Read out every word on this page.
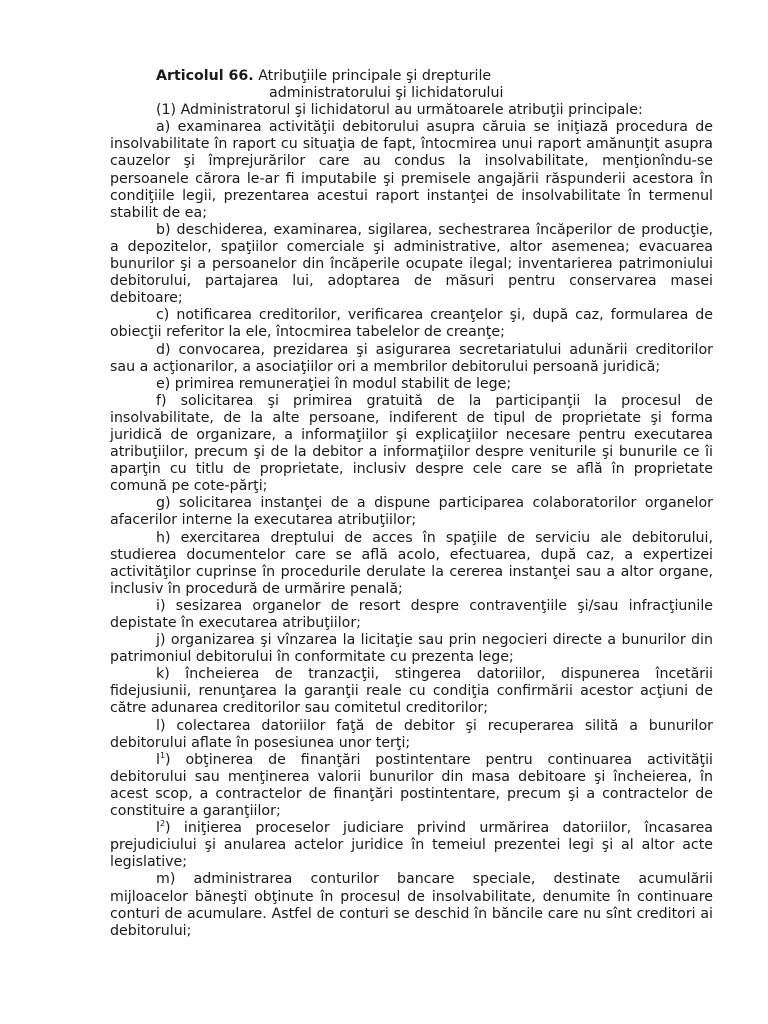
Articolul 66. Atribuţiile principale şi drepturile
administratorului şi lichidatorului

(1) Administratorul şi lichidatorul au următoarele atribuţii principale:

a) examinarea activităţii debitorului asupra căruia se iniţiază procedura de insolvabilitate în raport cu situaţia de fapt, întocmirea unui raport amănunţit asupra cauzelor şi împrejurărilor care au condus la insolvabilitate, menţionîndu-se persoanele cărora le-ar fi imputabile şi premisele angajării răspunderii acestora în condiţiile legii, prezentarea acestui raport instanţei de insolvabilitate în termenul stabilit de ea;

b) deschiderea, examinarea, sigilarea, sechestrarea încăperilor de producţie, a depozitelor, spaţiilor comerciale şi administrative, altor asemenea; evacuarea bunurilor şi a persoanelor din încăperile ocupate ilegal; inventarierea patrimoniului debitorului, partajarea lui, adoptarea de măsuri pentru conservarea masei debitoare;

c) notificarea creditorilor, verificarea creanţelor şi, după caz, formularea de obiecţii referitor la ele, întocmirea tabelelor de creanţe;

d) convocarea, prezidarea şi asigurarea secretariatului adunării creditorilor sau a acţionarilor, a asociaţiilor ori a membrilor debitorului persoană juridică;

e) primirea remuneraţiei în modul stabilit de lege;

f) solicitarea şi primirea gratuită de la participanţii la procesul de insolvabilitate, de la alte persoane, indiferent de tipul de proprietate şi forma juridică de organizare, a informaţiilor şi explicaţiilor necesare pentru executarea atribuţiilor, precum şi de la debitor a informaţiilor despre veniturile şi bunurile ce îi aparţin cu titlu de proprietate, inclusiv despre cele care se află în proprietate comună pe cote-părţi;

g) solicitarea instanţei de a dispune participarea colaboratorilor organelor afacerilor interne la executarea atribuţiilor;

h) exercitarea dreptului de acces în spaţiile de serviciu ale debitorului, studierea documentelor care se află acolo, efectuarea, după caz, a expertizei activităţilor cuprinse în procedurile derulate la cererea instanţei sau a altor organe, inclusiv în procedură de urmărire penală;

i) sesizarea organelor de resort despre contravenţiile şi/sau infracţiunile depistate în executarea atribuţiilor;

j) organizarea şi vînzarea la licitaţie sau prin negocieri directe a bunurilor din patrimoniul debitorului în conformitate cu prezenta lege;

k) încheierea de tranzacţii, stingerea datoriilor, dispunerea încetării fidejusiunii, renunţarea la garanţii reale cu condiţia confirmării acestor acţiuni de către adunarea creditorilor sau comitetul creditorilor;

l) colectarea datoriilor faţă de debitor şi recuperarea silită a bunurilor debitorului aflate în posesiunea unor terţi;

$l^1$) obţinerea de finanţări postintentare pentru continuarea activităţii debitorului sau menţinerea valorii bunurilor din masa debitoare şi încheierea, în acest scop, a contractelor de finanţări postintentare, precum şi a contractelor de constituire a garanţiilor;

$l^2$) iniţierea proceselor judiciare privind urmărirea datoriilor, încasarea prejudiciului şi anularea actelor juridice în temeiul prezentei legi şi al altor acte legislative;

m) administrarea conturilor bancare speciale, destinate acumulării mijloacelor băneşti obţinute în procesul de insolvabilitate, denumite în continuare conturi de acumulare. Astfel de conturi se deschid în băncile care nu sînt creditori ai debitorului;
